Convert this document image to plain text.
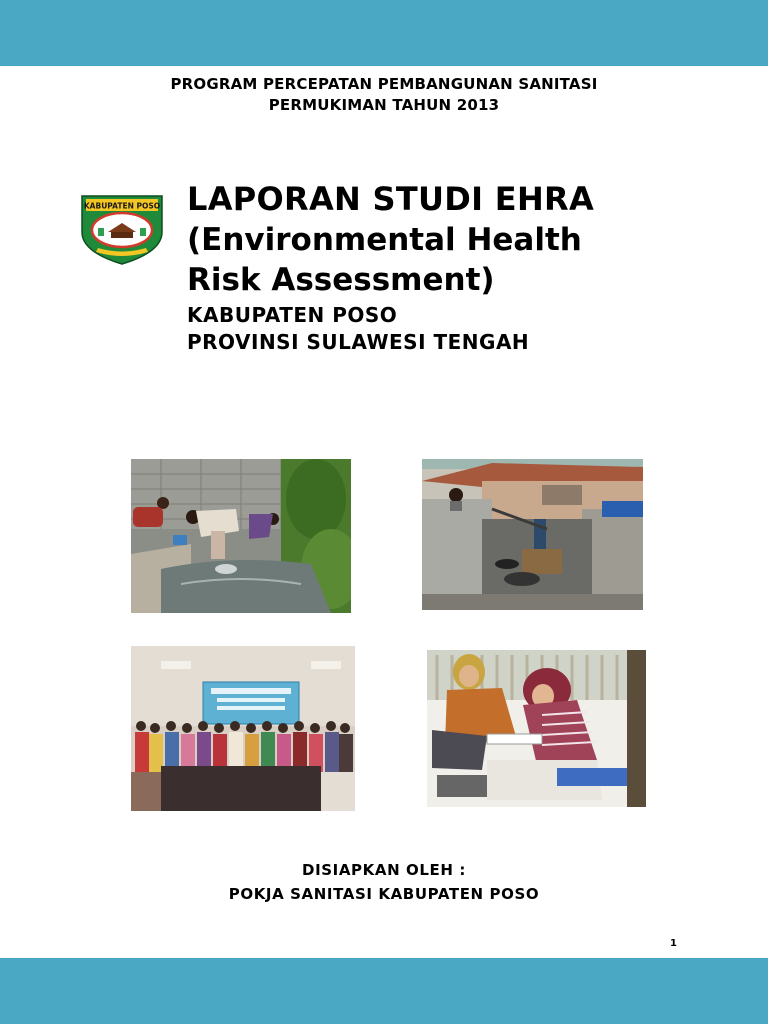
PROGRAM PERCEPATAN PEMBANGUNAN SANITASI
PERMUKIMAN TAHUN 2013
KABUPATEN POSO LAPORAN STUDI EHRA
(Environmental Health
Risk Assessment)
KABUPATEN POSO
PROVINSI SULAWESI TENGAH
DISIAPKAN OLEH :
POKJA SANITASI KABUPATEN POSO
1
